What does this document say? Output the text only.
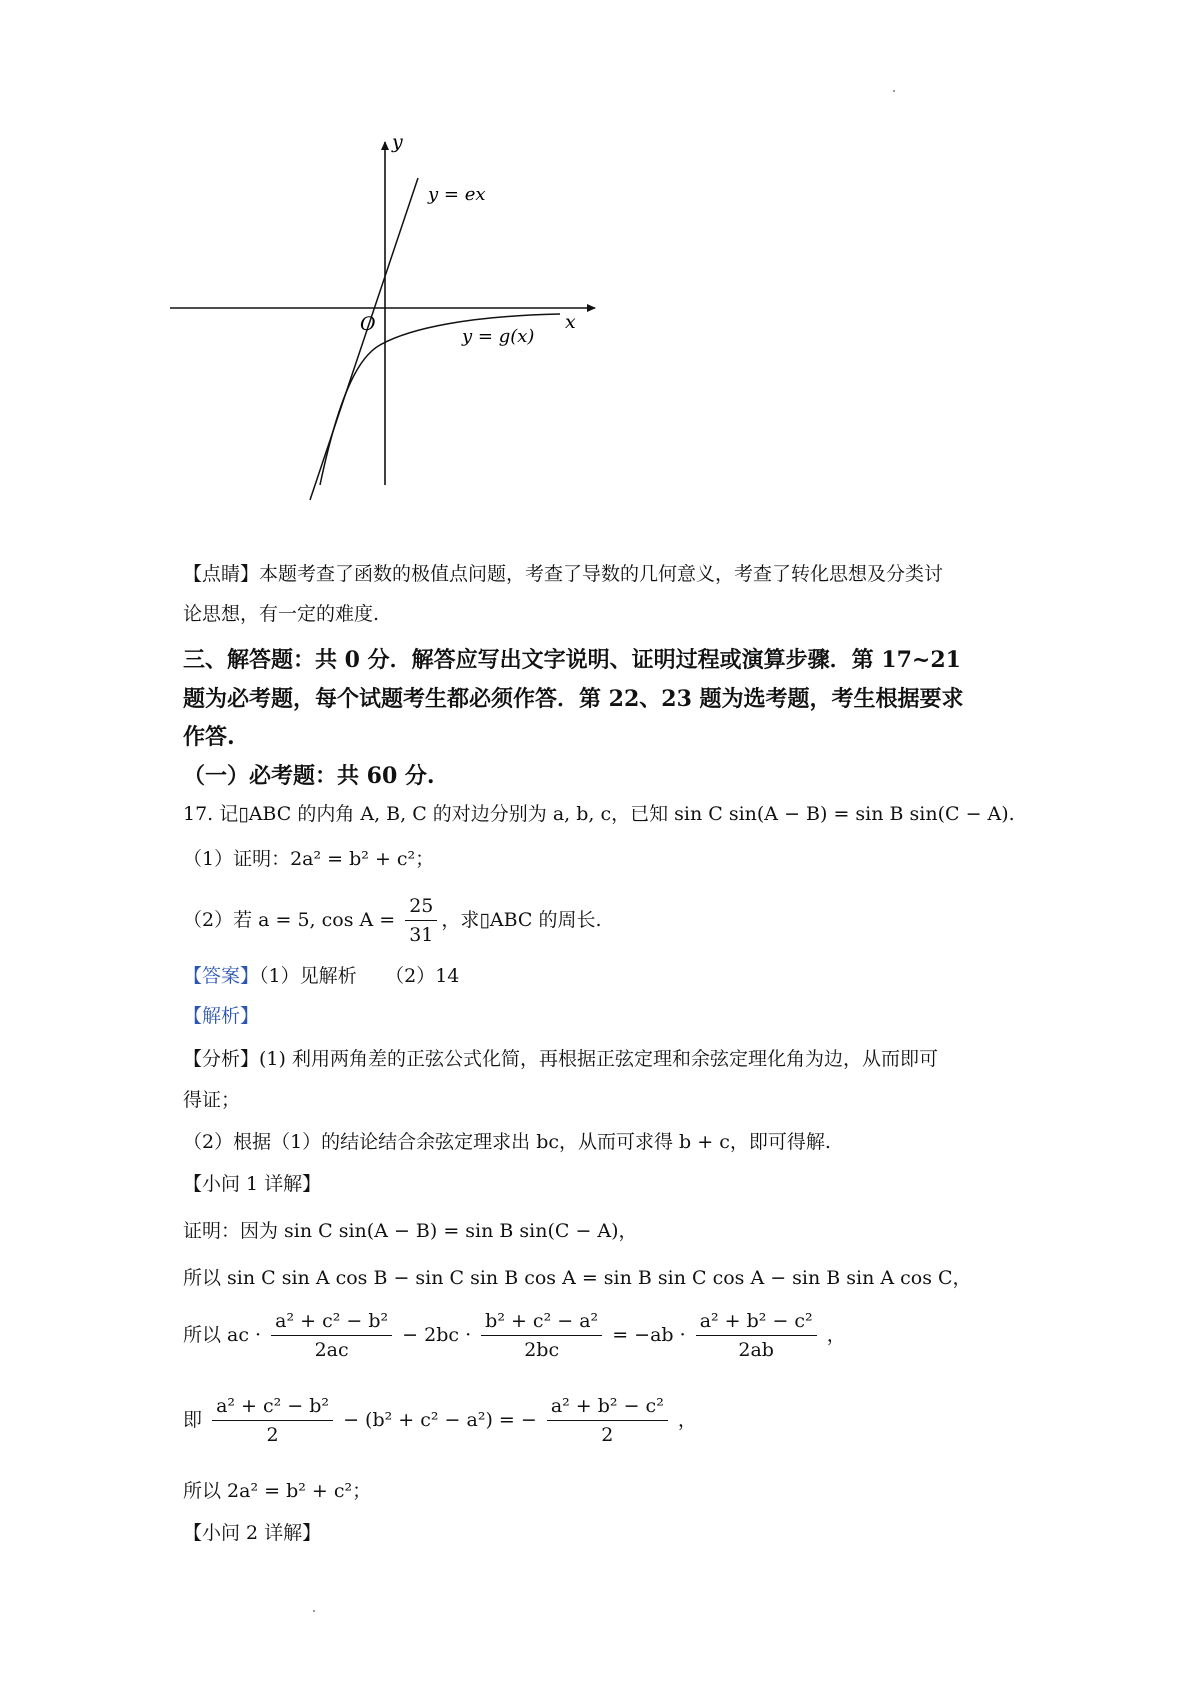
y
x
O
y = ex
y = g(x)
【点睛】本题考查了函数的极值点问题，考查了导数的几何意义，考查了转化思想及分类讨
论思想，有一定的难度.
三、解答题：共 0 分．解答应写出文字说明、证明过程或演算步骤．第 17~21
题为必考题，每个试题考生都必须作答．第 22、23 题为选考题，考生根据要求
作答.
（一）必考题：共 60 分.
17. 记▯ABC 的内角 A, B, C 的对边分别为 a, b, c，已知 sin C sin(A − B) = sin B sin(C − A).
（1）证明：2a² = b² + c²；
（2）若 a = 5, $\cos A = \frac{25}{31}$ ，求▯ABC 的周长.
【答案】（1）见解析　　（2）14
【解析】
【分析】(1) 利用两角差的正弦公式化简，再根据正弦定理和余弦定理化角为边，从而即可
得证；
（2）根据（1）的结论结合余弦定理求出 bc，从而可求得 b + c，即可得解.
【小问 1 详解】
证明：因为 sin C sin(A − B) = sin B sin(C − A)，
所以 sin C sin A cos B − sin C sin B cos A = sin B sin C cos A − sin B sin A cos C，
所以 ac · $\frac{\text{a² + c² − b²}}{2ac} - 2bc \cdot \frac{\text{b² + c² − a²}}{2bc} = -ab \cdot \frac{\text{a² + b² − c²}}{2ab}$ ，
即 $\frac{\text{a² + c² − b²}}{2} - (b^2 + c^2 - a^2)$ = − $\frac{\text{a² + b² − c²}}{2}$ ，
所以 2a² = b² + c²；
【小问 2 详解】
